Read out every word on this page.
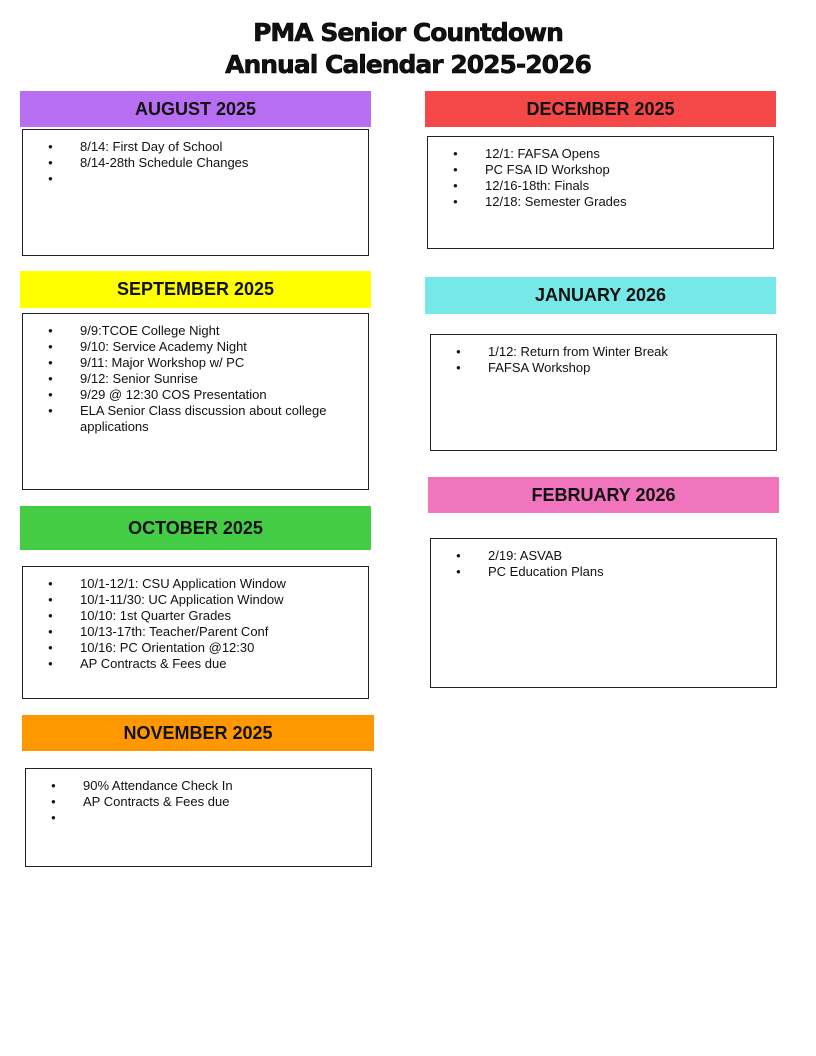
PMA Senior Countdown
Annual Calendar 2025-2026
AUGUST 2025
● 8/14: First Day of School
● 8/14-28th Schedule Changes
●
SEPTEMBER 2025
● 9/9:TCOE College Night
● 9/10: Service Academy Night
● 9/11: Major Workshop w/ PC
● 9/12: Senior Sunrise
● 9/29 @ 12:30 COS Presentation
● ELA Senior Class discussion about college applications
OCTOBER 2025
● 10/1-12/1: CSU Application Window
● 10/1-11/30: UC Application Window
● 10/10: 1st Quarter Grades
● 10/13-17th: Teacher/Parent Conf
● 10/16: PC Orientation @12:30
● AP Contracts & Fees due
NOVEMBER 2025
● 90% Attendance Check In
● AP Contracts & Fees due
●
DECEMBER 2025
● 12/1: FAFSA Opens
● PC FSA ID Workshop
● 12/16-18th: Finals
● 12/18: Semester Grades
JANUARY 2026
● 1/12: Return from Winter Break
● FAFSA Workshop
FEBRUARY 2026
● 2/19: ASVAB
● PC Education Plans
